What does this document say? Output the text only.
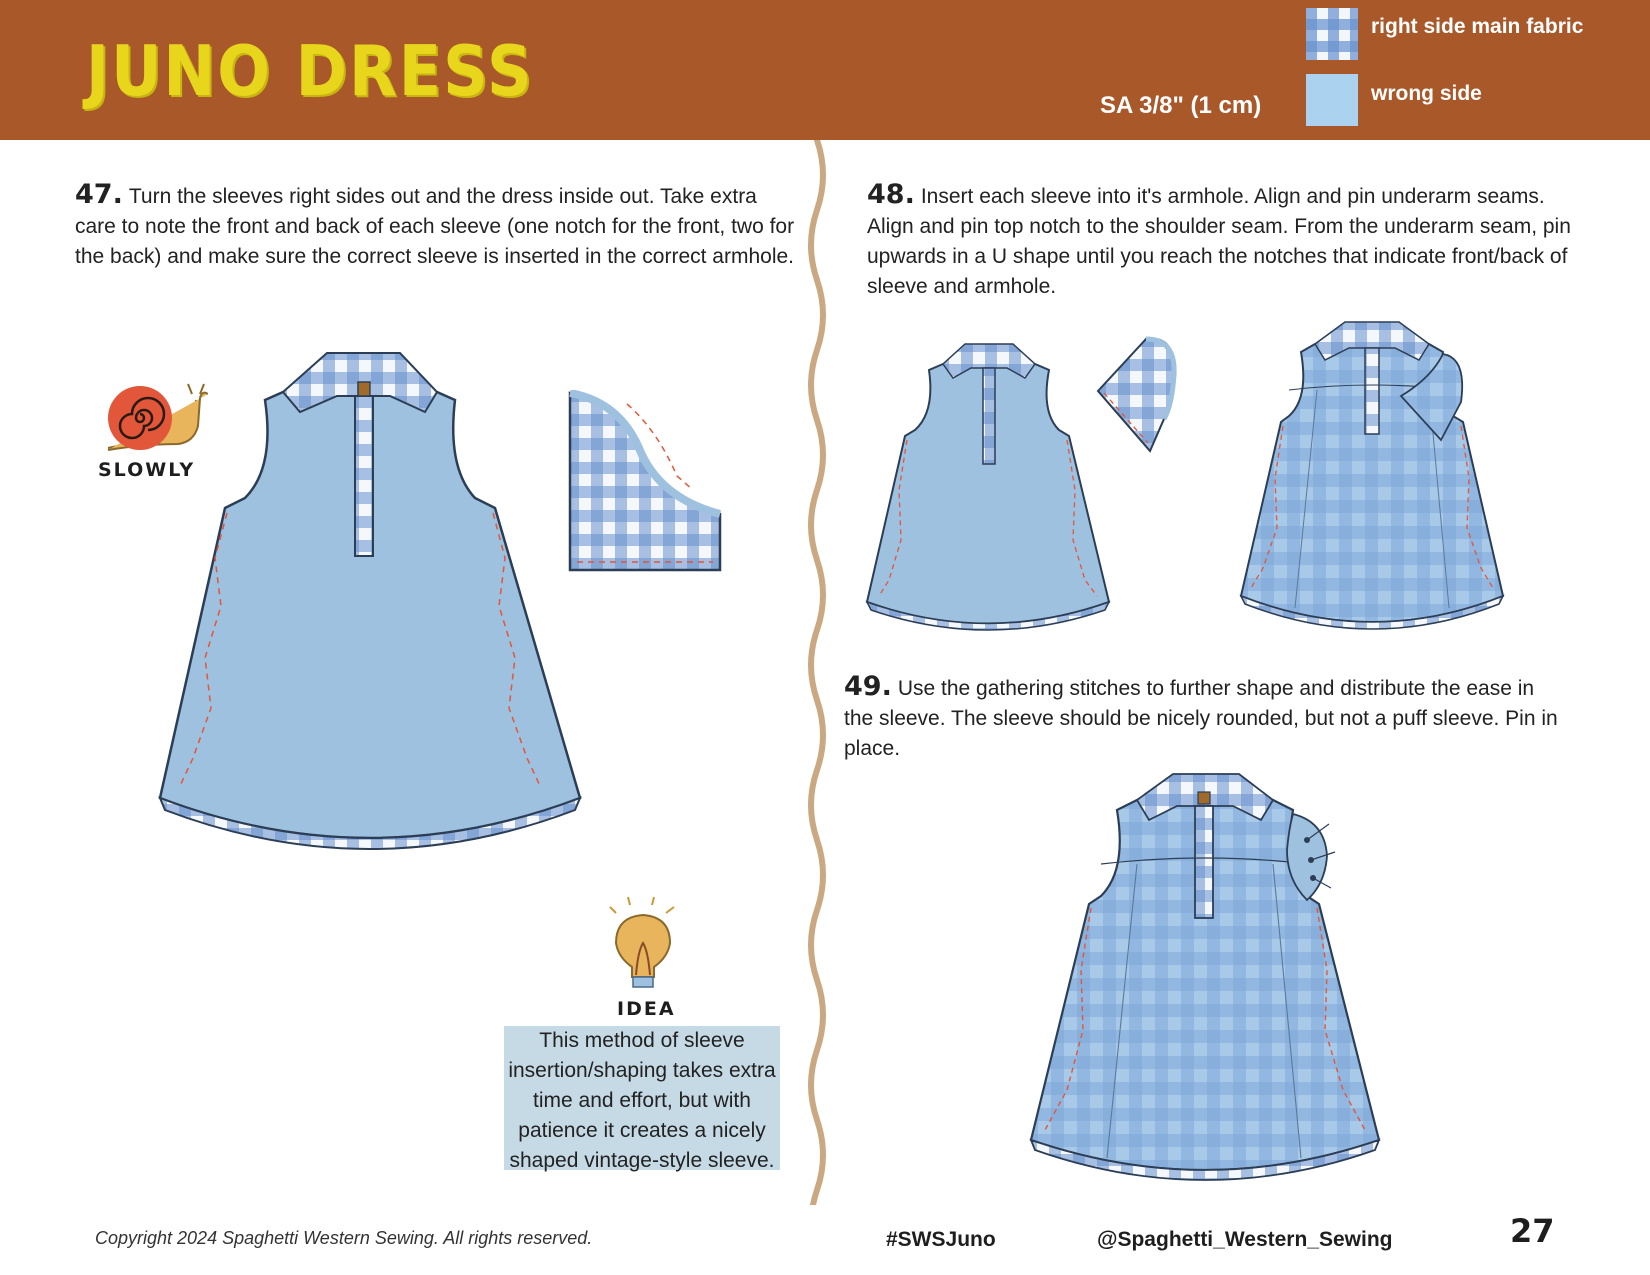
JUNO DRESS	SA 3/8" (1 cm)
right side main fabric
wrong side
47. Turn the sleeves right sides out and the dress inside out. Take extra care to note the front and back of each sleeve (one notch for the front, two for the back) and make sure the correct sleeve is inserted in the correct armhole.
48. Insert each sleeve into it's armhole. Align and pin underarm seams. Align and pin top notch to the shoulder seam. From the underarm seam, pin upwards in a U shape until you reach the notches that indicate front/back of sleeve and armhole.
49. Use the gathering stitches to further shape and distribute the ease in the sleeve. The sleeve should be nicely rounded, but not a puff sleeve. Pin in place.
SLOWLY
IDEA
This method of sleeve
insertion/shaping takes extra
time and effort, but with
patience it creates a nicely
shaped vintage-style sleeve.
Copyright 2024 Spaghetti Western Sewing. All rights reserved.	#SWSJuno	@Spaghetti_Western_Sewing	27
